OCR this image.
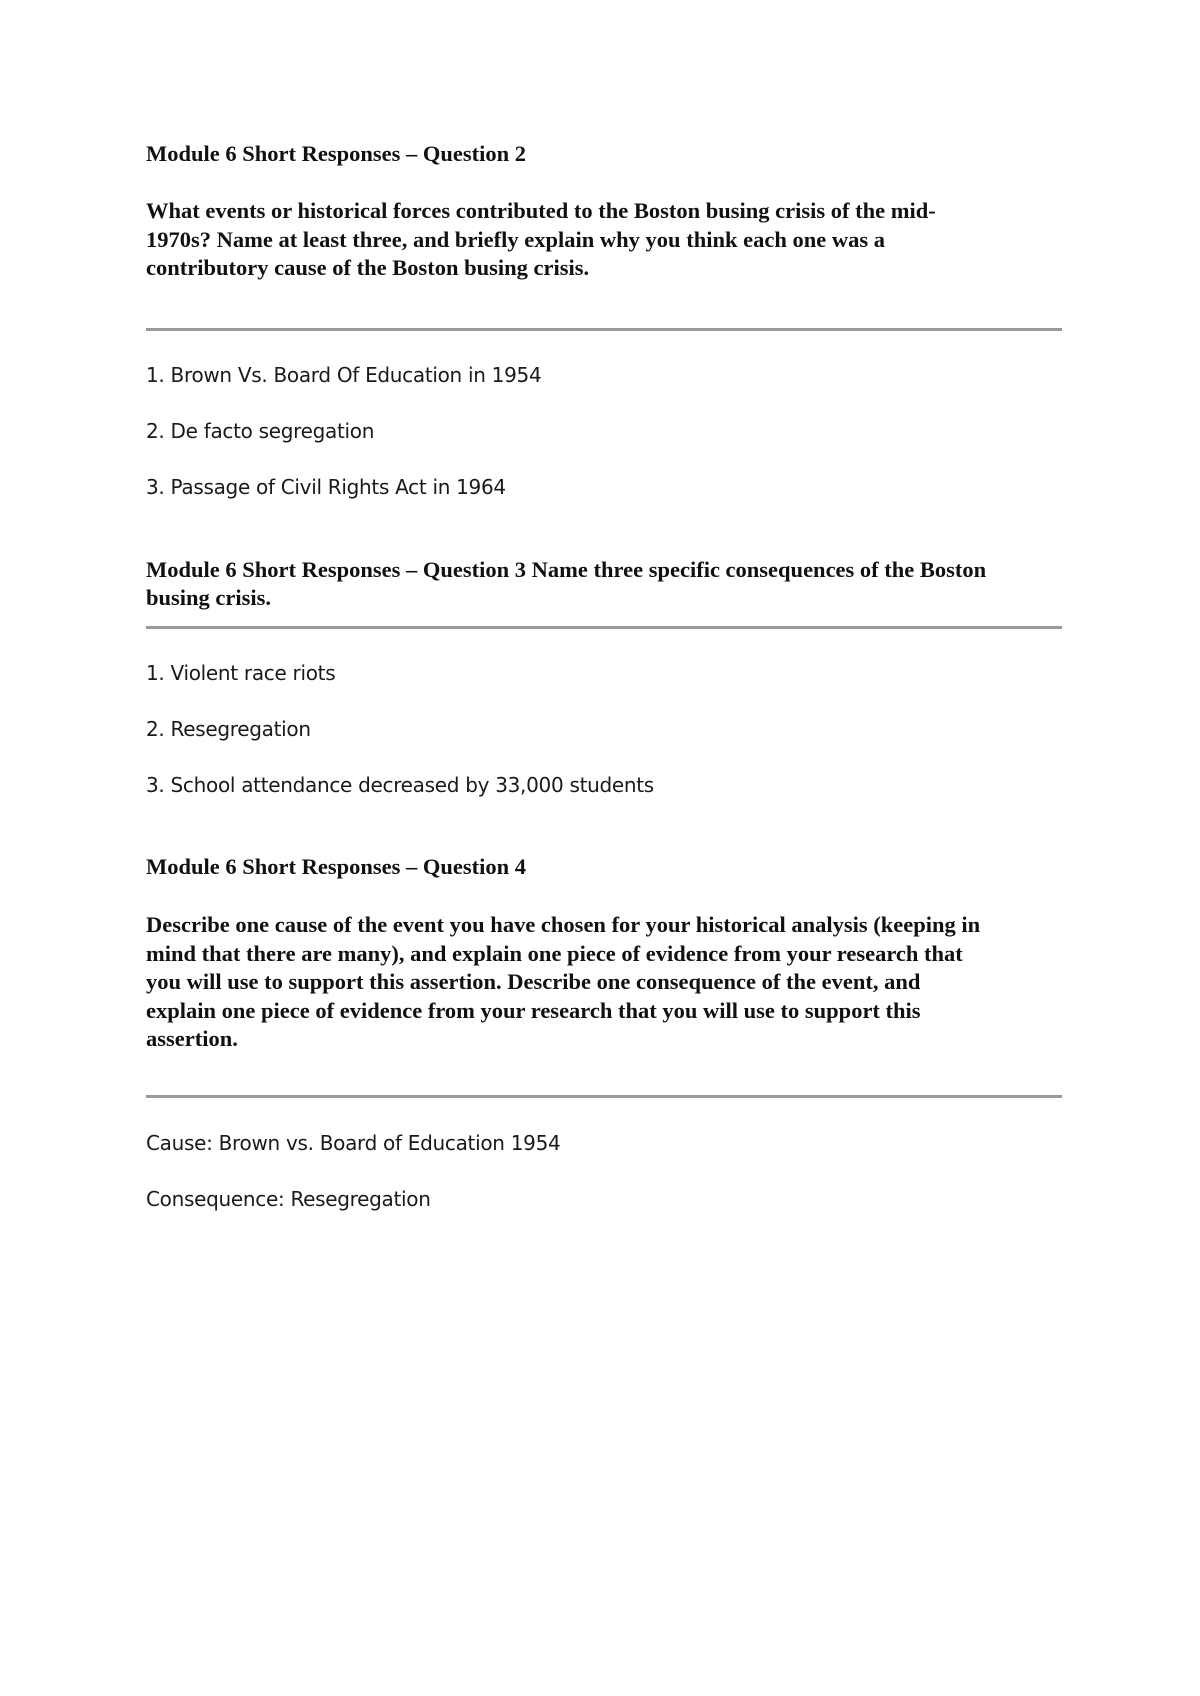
Module 6 Short Responses – Question 2

What events or historical forces contributed to the Boston busing crisis of the mid-

1970s? Name at least three, and briefly explain why you think each one was a

contributory cause of the Boston busing crisis.

1. Brown Vs. Board Of Education in 1954

2. De facto segregation

3. Passage of Civil Rights Act in 1964

Module 6 Short Responses – Question 3 Name three specific consequences of the Boston

busing crisis.

1. Violent race riots

2. Resegregation

3. School attendance decreased by 33,000 students

Module 6 Short Responses – Question 4

Describe one cause of the event you have chosen for your historical analysis (keeping in

mind that there are many), and explain one piece of evidence from your research that

you will use to support this assertion. Describe one consequence of the event, and

explain one piece of evidence from your research that you will use to support this

assertion.

Cause: Brown vs. Board of Education 1954

Consequence: Resegregation
